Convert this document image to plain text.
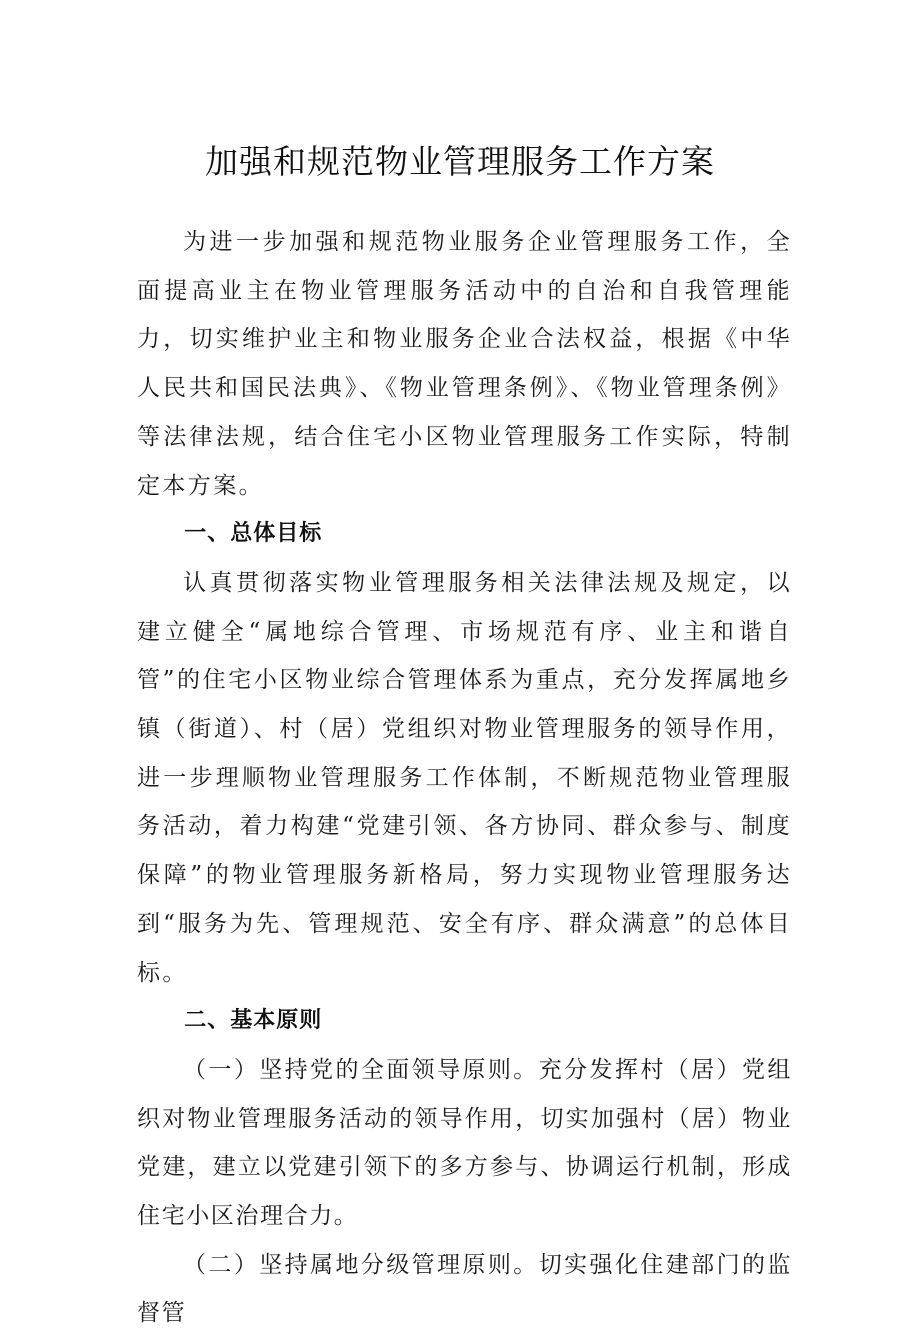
加强和规范物业管理服务工作方案

为进一步加强和规范物业服务企业管理服务工作，全面提高业主在物业管理服务活动中的自治和自我管理能力，切实维护业主和物业服务企业合法权益，根据《中华人民共和国民法典》、《物业管理条例》、《物业管理条例》等法律法规，结合住宅小区物业管理服务工作实际，特制定本方案。

一、总体目标

认真贯彻落实物业管理服务相关法律法规及规定，以建立健全“属地综合管理、市场规范有序、业主和谐自管”的住宅小区物业综合管理体系为重点，充分发挥属地乡镇（街道）、村（居）党组织对物业管理服务的领导作用，进一步理顺物业管理服务工作体制，不断规范物业管理服务活动，着力构建“党建引领、各方协同、群众参与、制度保障”的物业管理服务新格局，努力实现物业管理服务达到“服务为先、管理规范、安全有序、群众满意”的总体目标。

二、基本原则

（一）坚持党的全面领导原则。充分发挥村（居）党组织对物业管理服务活动的领导作用，切实加强村（居）物业党建，建立以党建引领下的多方参与、协调运行机制，形成住宅小区治理合力。

（二）坚持属地分级管理原则。切实强化住建部门的监督管
